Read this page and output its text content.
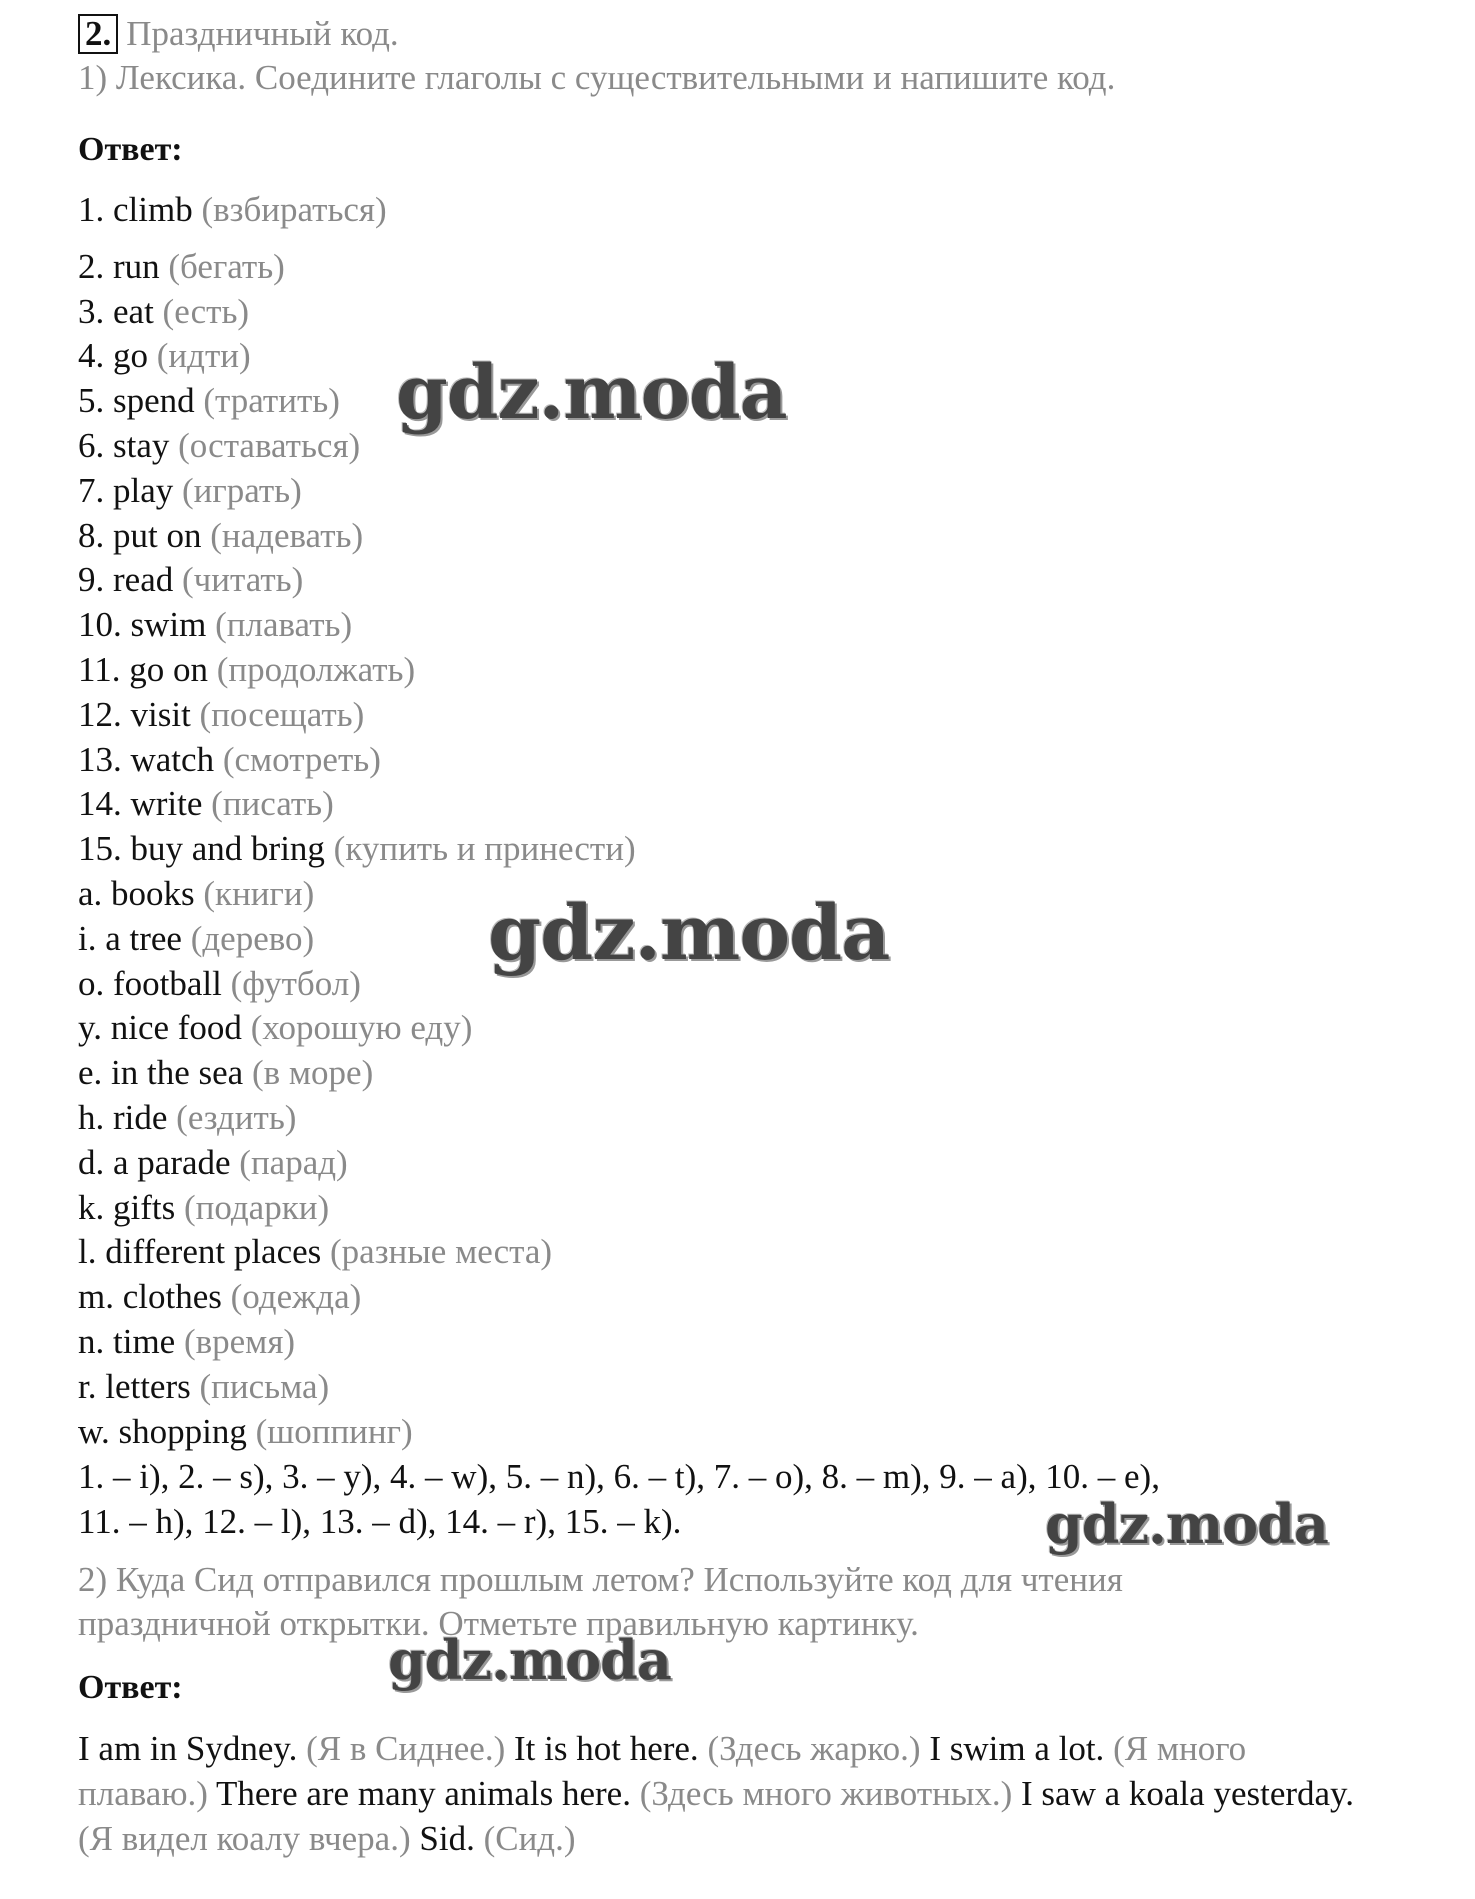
2. Праздничный код.
1) Лексика. Соедините глаголы с существительными и напишите код.
Ответ:
1. climb (взбираться)
2. run (бегать)
3. eat (есть)
4. go (идти)
5. spend (тратить)
6. stay (оставаться)
7. play (играть)
8. put on (надевать)
9. read (читать)
10. swim (плавать)
11. go on (продолжать)
12. visit (посещать)
13. watch (смотреть)
14. write (писать)
15. buy and bring (купить и принести)
a. books (книги)
i. a tree (дерево)
o. football (футбол)
y. nice food (хорошую еду)
e. in the sea (в море)
h. ride (ездить)
d. a parade (парад)
k. gifts (подарки)
l. different places (разные места)
m. clothes (одежда)
n. time (время)
r. letters (письма)
w. shopping (шоппинг)
1. – i), 2. – s), 3. – y), 4. – w), 5. – n), 6. – t), 7. – o), 8. – m), 9. – a), 10. – e),
11. – h), 12. – l), 13. – d), 14. – r), 15. – k).
2) Куда Сид отправился прошлым летом? Используйте код для чтения
праздничной открытки. Отметьте правильную картинку.
Ответ:
I am in Sydney. (Я в Сиднее.) It is hot here. (Здесь жарко.) I swim a lot. (Я много плаваю.) There are many animals here. (Здесь много животных.) I saw a koala yesterday. (Я видел коалу вчера.) Sid. (Сид.)
gdz.moda
gdz.moda
gdz.moda
gdz.moda
